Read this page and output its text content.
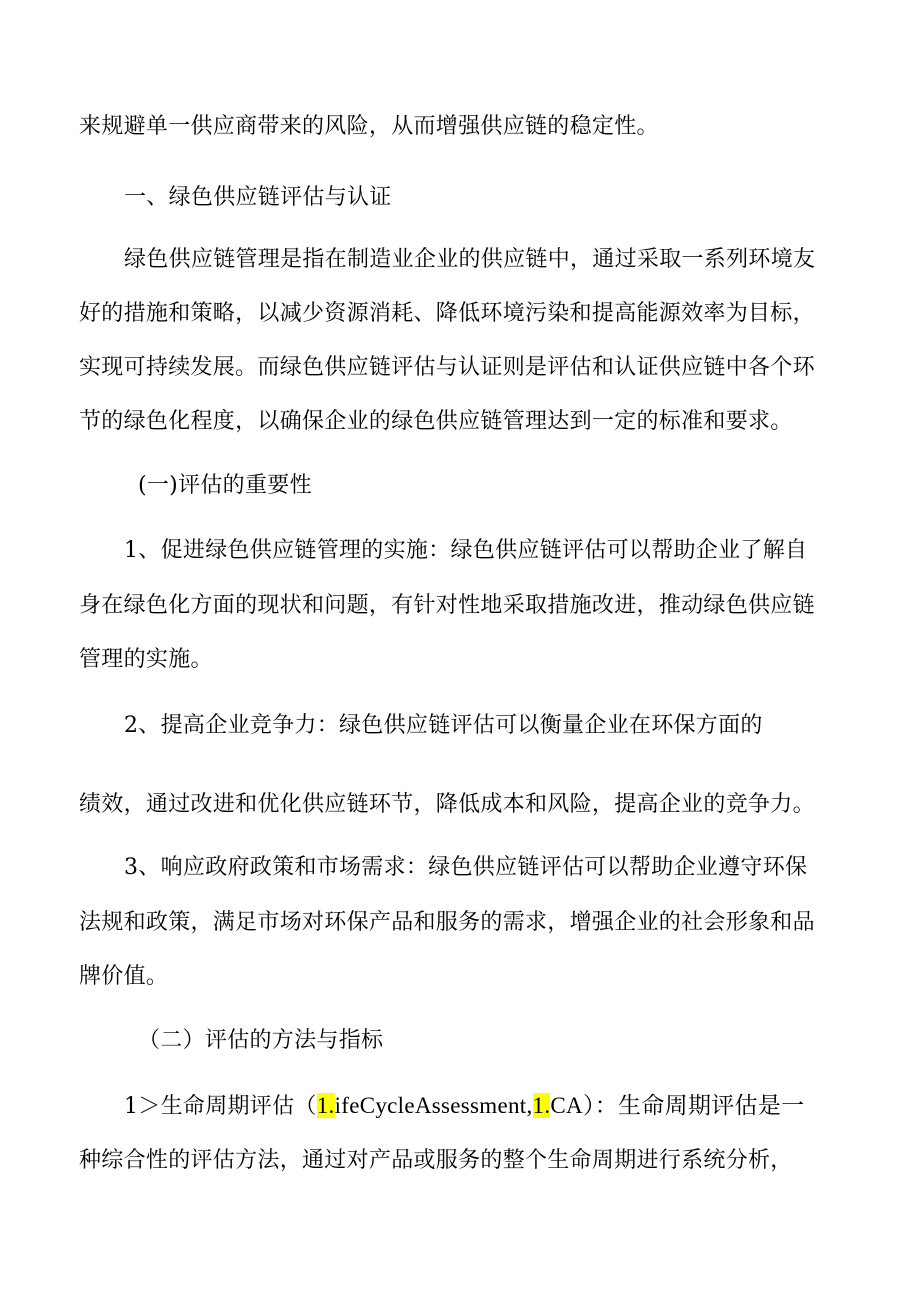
来规避单一供应商带来的风险，从而增强供应链的稳定性。
一、绿色供应链评估与认证
绿色供应链管理是指在制造业企业的供应链中，通过采取一系列环境友
好的措施和策略，以减少资源消耗、降低环境污染和提高能源效率为目标，
实现可持续发展。而绿色供应链评估与认证则是评估和认证供应链中各个环
节的绿色化程度，以确保企业的绿色供应链管理达到一定的标准和要求。
(一)评估的重要性
1、促进绿色供应链管理的实施：绿色供应链评估可以帮助企业了解自
身在绿色化方面的现状和问题，有针对性地采取措施改进，推动绿色供应链
管理的实施。
2、提高企业竞争力：绿色供应链评估可以衡量企业在环保方面的
绩效，通过改进和优化供应链环节，降低成本和风险，提高企业的竞争力。
3、响应政府政策和市场需求：绿色供应链评估可以帮助企业遵守环保
法规和政策，满足市场对环保产品和服务的需求，增强企业的社会形象和品
牌价值。
（二）评估的方法与指标
1＞生命周期评估（1.ifeCycleAssessment,1.CA）：生命周期评估是一
种综合性的评估方法，通过对产品或服务的整个生命周期进行系统分析，
